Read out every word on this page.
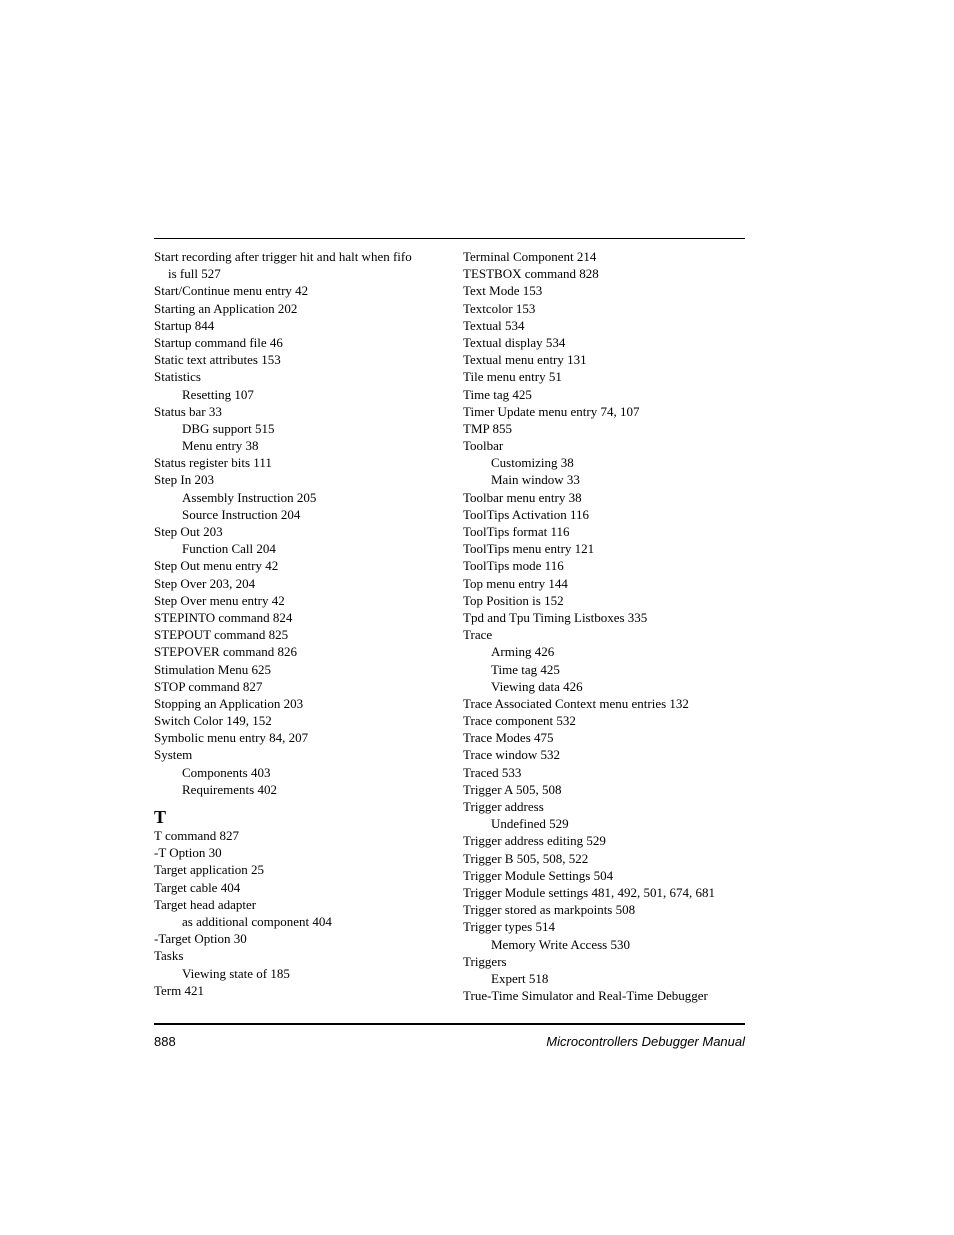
Start recording after trigger hit and halt when fifo
is full 527
Start/Continue menu entry 42
Starting an Application 202
Startup 844
Startup command file 46
Static text attributes 153
Statistics
Resetting 107
Status bar 33
DBG support 515
Menu entry 38
Status register bits 111
Step In 203
Assembly Instruction 205
Source Instruction 204
Step Out 203
Function Call 204
Step Out menu entry 42
Step Over 203, 204
Step Over menu entry 42
STEPINTO command 824
STEPOUT command 825
STEPOVER command 826
Stimulation Menu 625
STOP command 827
Stopping an Application 203
Switch Color 149, 152
Symbolic menu entry 84, 207
System
Components 403
Requirements 402
T
T command 827
-T Option 30
Target application 25
Target cable 404
Target head adapter
as additional component 404
-Target Option 30
Tasks
Viewing state of 185
Term 421
Terminal Component 214
TESTBOX command 828
Text Mode 153
Textcolor 153
Textual 534
Textual display 534
Textual menu entry 131
Tile menu entry 51
Time tag 425
Timer Update menu entry 74, 107
TMP 855
Toolbar
Customizing 38
Main window 33
Toolbar menu entry 38
ToolTips Activation 116
ToolTips format 116
ToolTips menu entry 121
ToolTips mode 116
Top menu entry 144
Top Position is 152
Tpd and Tpu Timing Listboxes 335
Trace
Arming 426
Time tag 425
Viewing data 426
Trace Associated Context menu entries 132
Trace component 532
Trace Modes 475
Trace window 532
Traced 533
Trigger A 505, 508
Trigger address
Undefined 529
Trigger address editing 529
Trigger B 505, 508, 522
Trigger Module Settings 504
Trigger Module settings 481, 492, 501, 674, 681
Trigger stored as markpoints 508
Trigger types 514
Memory Write Access 530
Triggers
Expert 518
True-Time Simulator and Real-Time Debugger
888	Microcontrollers Debugger Manual
